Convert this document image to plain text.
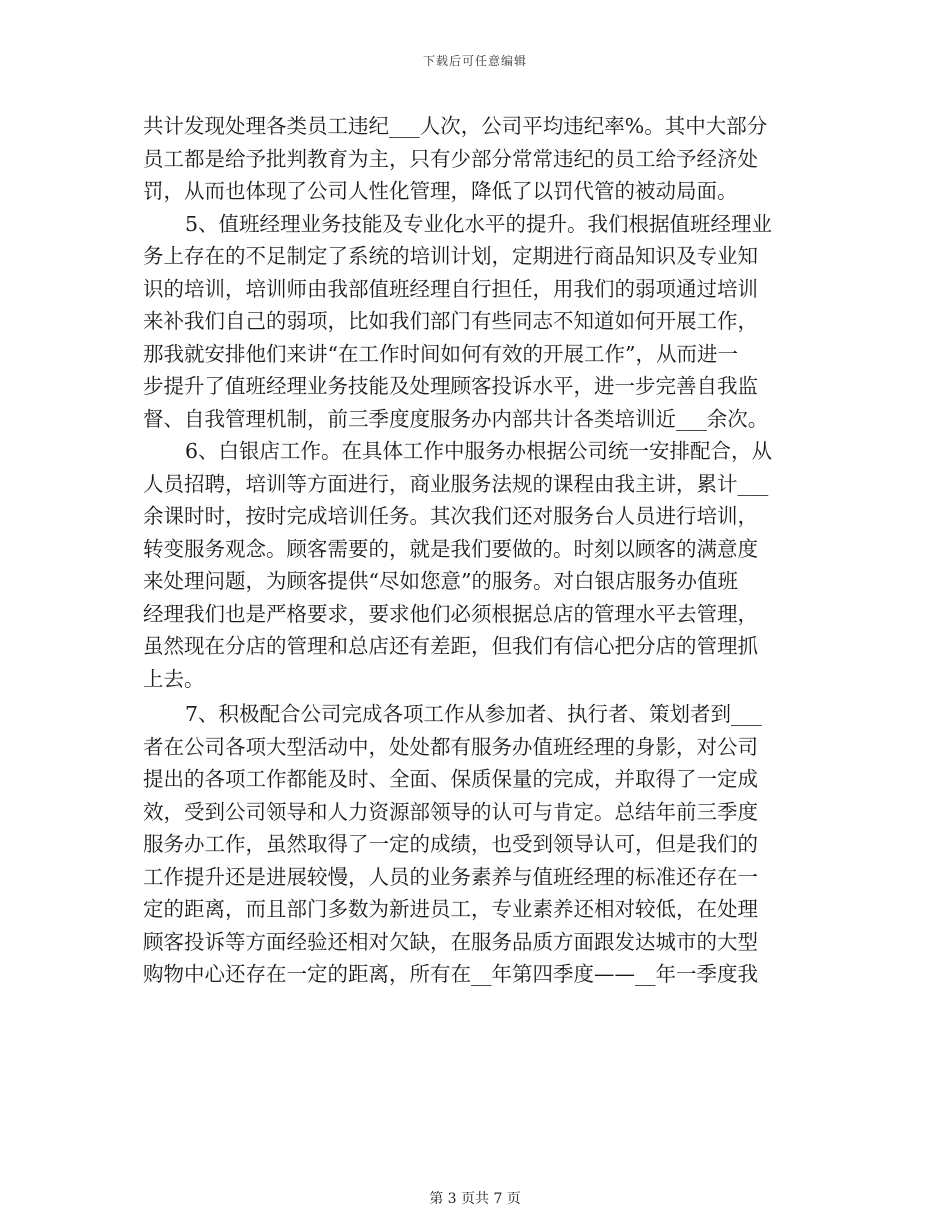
下载后可任意编辑
共计发现处理各类员工违纪___人次，公司平均违纪率%。其中大部分
员工都是给予批判教育为主，只有少部分常常违纪的员工给予经济处
罚，从而也体现了公司人性化管理，降低了以罚代管的被动局面。
5、值班经理业务技能及专业化水平的提升。我们根据值班经理业
务上存在的不足制定了系统的培训计划，定期进行商品知识及专业知
识的培训，培训师由我部值班经理自行担任，用我们的弱项通过培训
来补我们自己的弱项，比如我们部门有些同志不知道如何开展工作，
那我就安排他们来讲“在工作时间如何有效的开展工作”，从而进一
步提升了值班经理业务技能及处理顾客投诉水平，进一步完善自我监
督、自我管理机制，前三季度度服务办内部共计各类培训近___余次。
6、白银店工作。在具体工作中服务办根据公司统一安排配合，从
人员招聘，培训等方面进行，商业服务法规的课程由我主讲，累计___
余课时时，按时完成培训任务。其次我们还对服务台人员进行培训，
转变服务观念。顾客需要的，就是我们要做的。时刻以顾客的满意度
来处理问题，为顾客提供“尽如您意”的服务。对白银店服务办值班
经理我们也是严格要求，要求他们必须根据总店的管理水平去管理，
虽然现在分店的管理和总店还有差距，但我们有信心把分店的管理抓
上去。
7、积极配合公司完成各项工作从参加者、执行者、策划者到___
者在公司各项大型活动中，处处都有服务办值班经理的身影，对公司
提出的各项工作都能及时、全面、保质保量的完成，并取得了一定成
效，受到公司领导和人力资源部领导的认可与肯定。总结年前三季度
服务办工作，虽然取得了一定的成绩，也受到领导认可，但是我们的
工作提升还是进展较慢，人员的业务素养与值班经理的标准还存在一
定的距离，而且部门多数为新进员工，专业素养还相对较低，在处理
顾客投诉等方面经验还相对欠缺，在服务品质方面跟发达城市的大型
购物中心还存在一定的距离，所有在__年第四季度——__年一季度我
第 3 页共 7 页
